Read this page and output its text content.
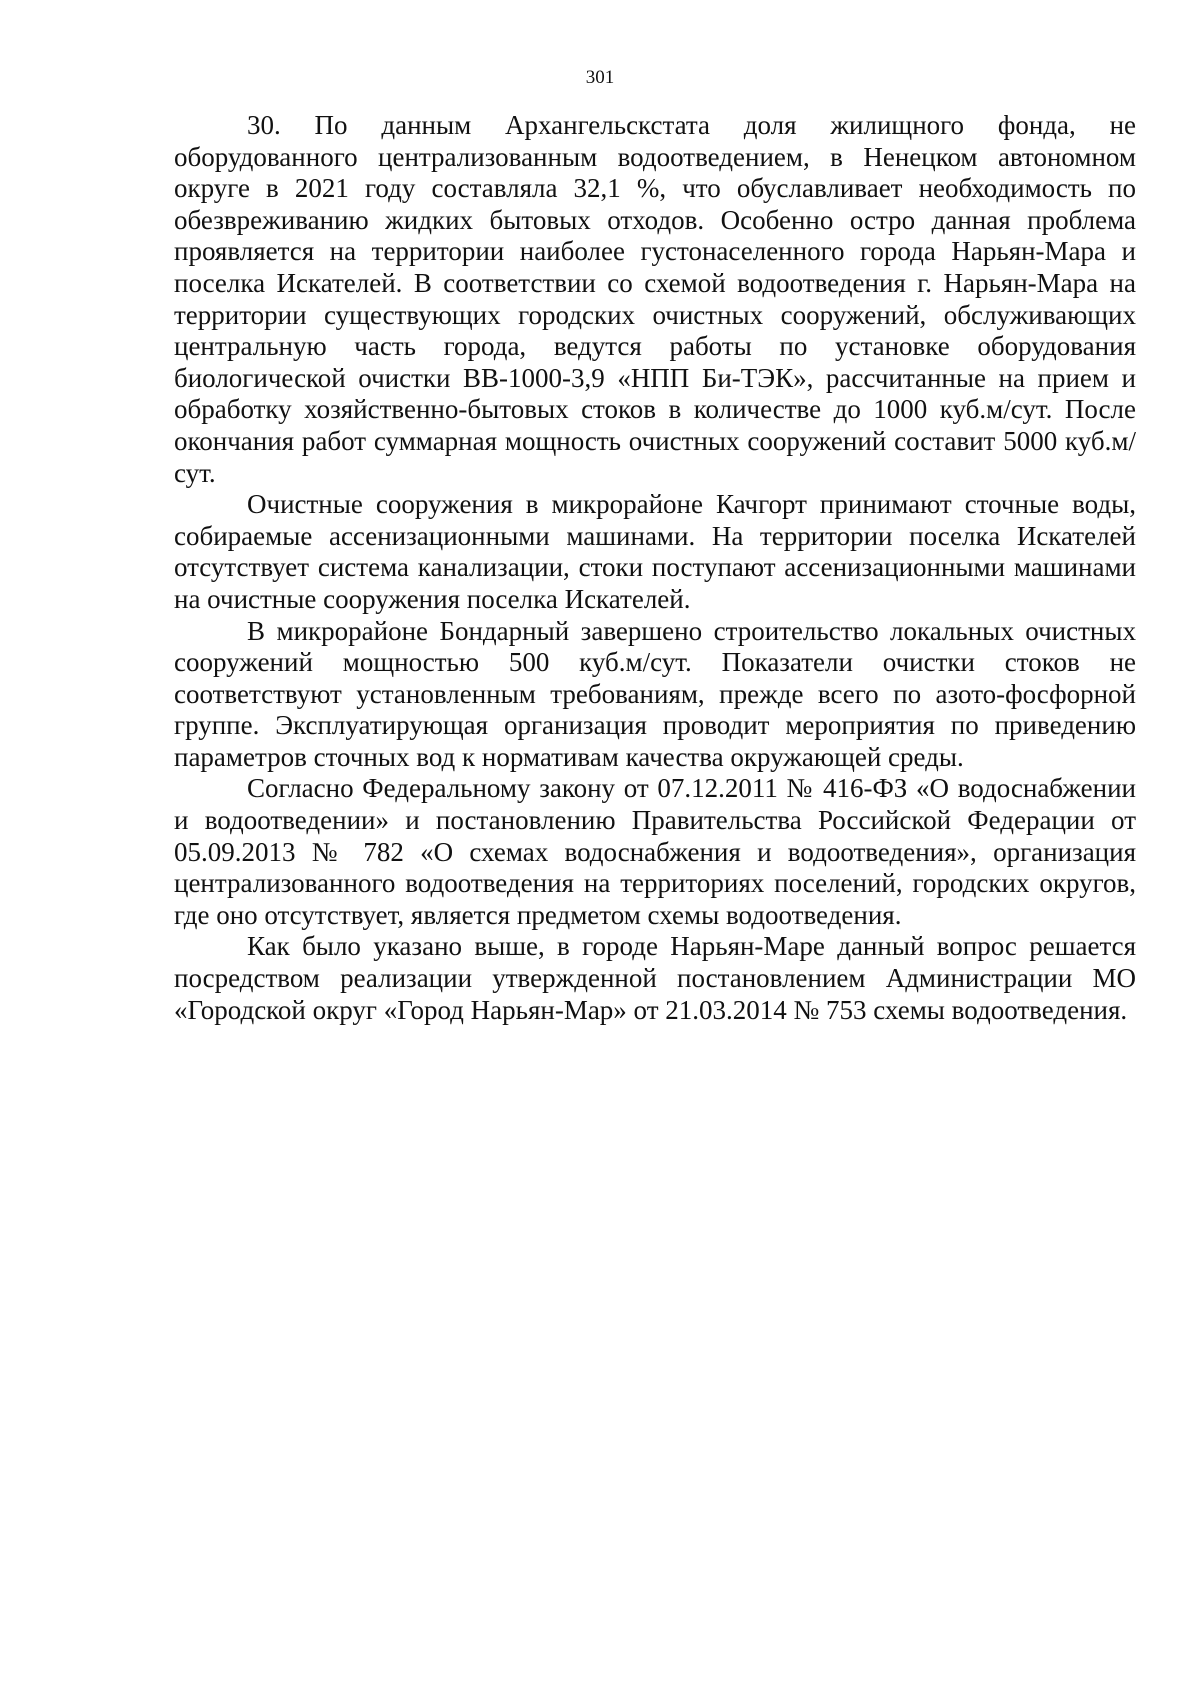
301

30. По данным Архангельскстата доля жилищного фонда, не оборудованного централизованным водоотведением, в Ненецком автономном округе в 2021 году составляла 32,1 %, что обуславливает необходимость по обезвреживанию жидких бытовых отходов. Особенно остро данная проблема проявляется на территории наиболее густонаселенного города Нарьян-Мара и поселка Искателей. В соответствии со схемой водоотведения г. Нарьян-Мара на территории существующих городских очистных сооружений, обслуживающих центральную часть города, ведутся работы по установке оборудования биологической очистки ВВ-1000-3,9 «НПП Би-ТЭК», рассчитанные на прием и обработку хозяйственно-бытовых стоков в количестве до 1000 куб.м/сут. После окончания работ суммарная мощность очистных сооружений составит 5000 куб.м/сут.

Очистные сооружения в микрорайоне Качгорт принимают сточные воды, собираемые ассенизационными машинами. На территории поселка Искателей отсутствует система канализации, стоки поступают ассенизационными машинами на очистные сооружения поселка Искателей.

В микрорайоне Бондарный завершено строительство локальных очистных сооружений мощностью 500 куб.м/сут. Показатели очистки стоков не соответствуют установленным требованиям, прежде всего по азото-фосфорной группе. Эксплуатирующая организация проводит мероприятия по приведению параметров сточных вод к нормативам качества окружающей среды.

Согласно Федеральному закону от 07.12.2011 № 416-ФЗ «О водоснабжении и водоотведении» и постановлению Правительства Российской Федерации от 05.09.2013 № 782 «О схемах водоснабжения и водоотведения», организация централизованного водоотведения на территориях поселений, городских округов, где оно отсутствует, является предметом схемы водоотведения.

Как было указано выше, в городе Нарьян-Маре данный вопрос решается посредством реализации утвержденной постановлением Администрации МО «Городской округ «Город Нарьян-Мар» от 21.03.2014 № 753 схемы водоотведения.
